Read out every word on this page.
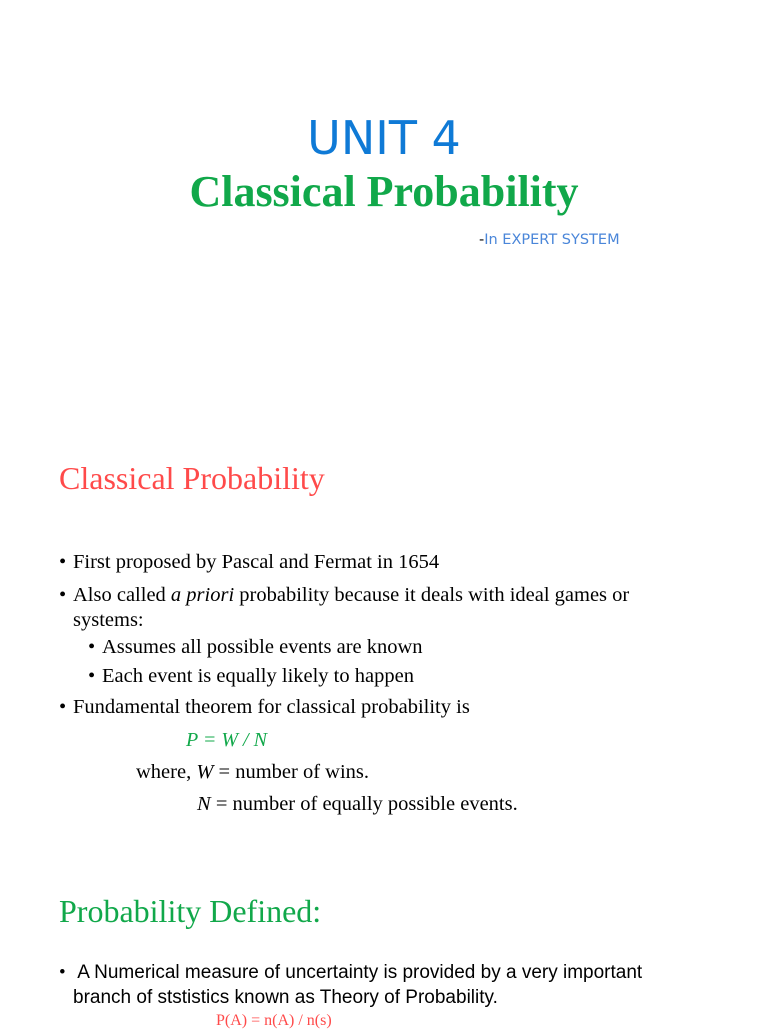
UNIT 4
Classical Probability
-In EXPERT SYSTEM
Classical Probability
• First proposed by Pascal and Fermat in 1654
• Also called a priori probability because it deals with ideal games or
systems:
• Assumes all possible events are known
• Each event is equally likely to happen
• Fundamental theorem for classical probability is
P = W / N
where, W = number of wins.
N = number of equally possible events.
Probability Defined:
• A Numerical measure of uncertainty is provided by a very important
branch of ststistics known as Theory of Probability.
P(A) = n(A) / n(s)
